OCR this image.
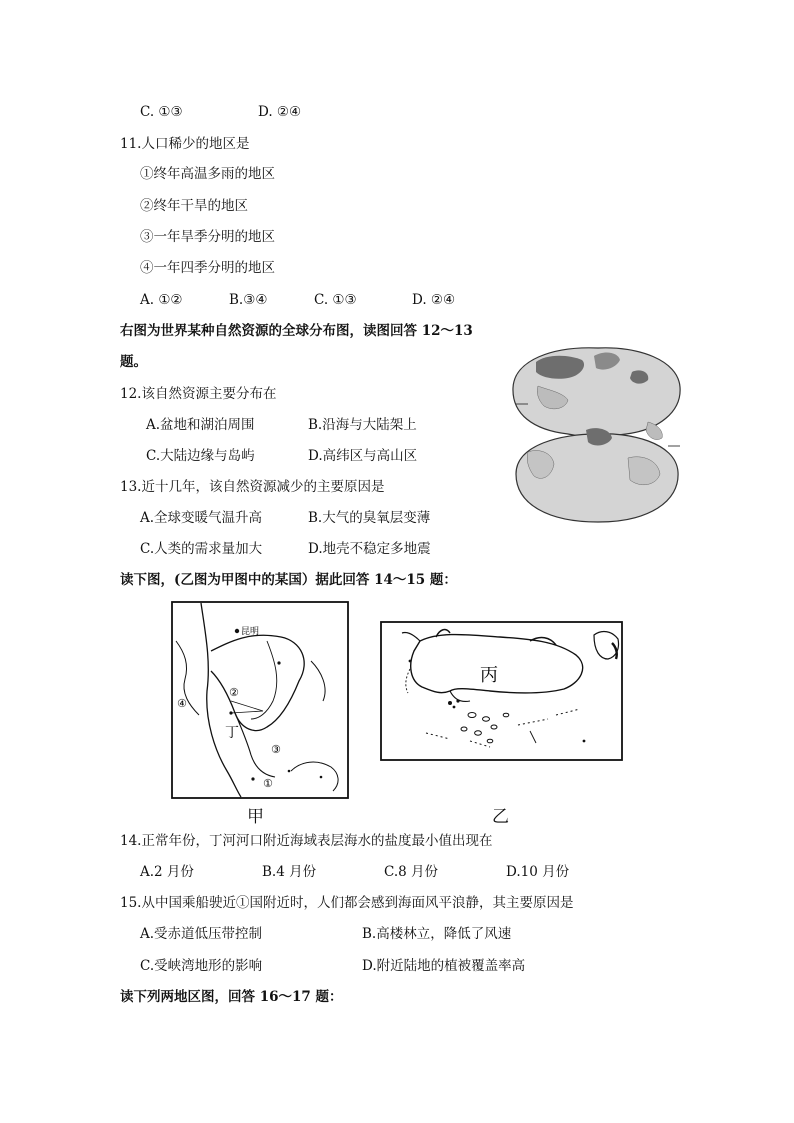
C. ①③	D. ②④
11.人口稀少的地区是
①终年高温多雨的地区
②终年干旱的地区
③一年旱季分明的地区
④一年四季分明的地区
A. ①②	B.③④	C. ①③	D. ②④
右图为世界某种自然资源的全球分布图，读图回答 12～13
题。
12.该自然资源主要分布在
A.盆地和湖泊周围	B.沿海与大陆架上
C.大陆边缘与岛屿	D.高纬区与高山区
13.近十几年，该自然资源减少的主要原因是
A.全球变暖气温升高	B.大气的臭氧层变薄
C.人类的需求量加大	D.地壳不稳定多地震
读下图，(乙图为甲图中的某国）据此回答 14～15 题：
昆明
②
④
③
①
丁
甲
丙
乙
14.正常年份，丁河河口附近海域表层海水的盐度最小值出现在
A.2 月份	B.4 月份	C.8 月份	D.10 月份
15.从中国乘船驶近①国附近时，人们都会感到海面风平浪静，其主要原因是
A.受赤道低压带控制	B.高楼林立，降低了风速
C.受峡湾地形的影响	D.附近陆地的植被覆盖率高
读下列两地区图，回答 16～17 题：
